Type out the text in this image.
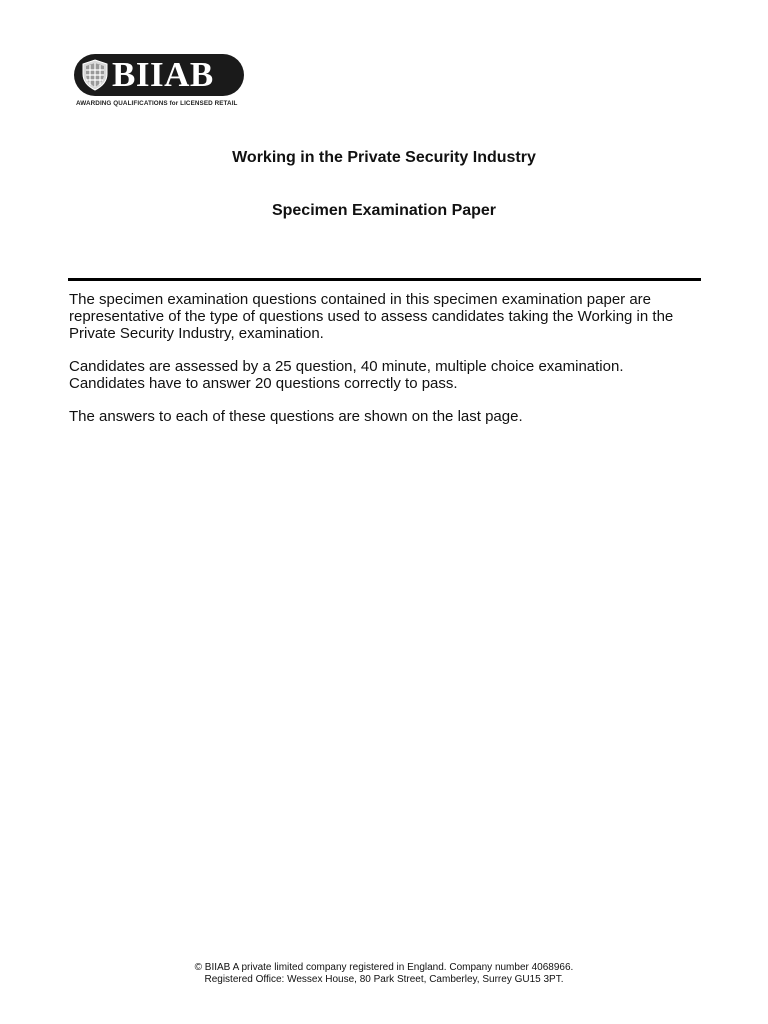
BIIAB
AWARDING QUALIFICATIONS for LICENSED RETAIL
Working in the Private Security Industry
Specimen Examination Paper

The specimen examination questions contained in this specimen examination paper are
representative of the type of questions used to assess candidates taking the Working in the
Private Security Industry, examination.

Candidates are assessed by a 25 question, 40 minute, multiple choice examination.
Candidates have to answer 20 questions correctly to pass.

The answers to each of these questions are shown on the last page.

© BIIAB A private limited company registered in England. Company number 4068966.
Registered Office: Wessex House, 80 Park Street, Camberley, Surrey GU15 3PT.
